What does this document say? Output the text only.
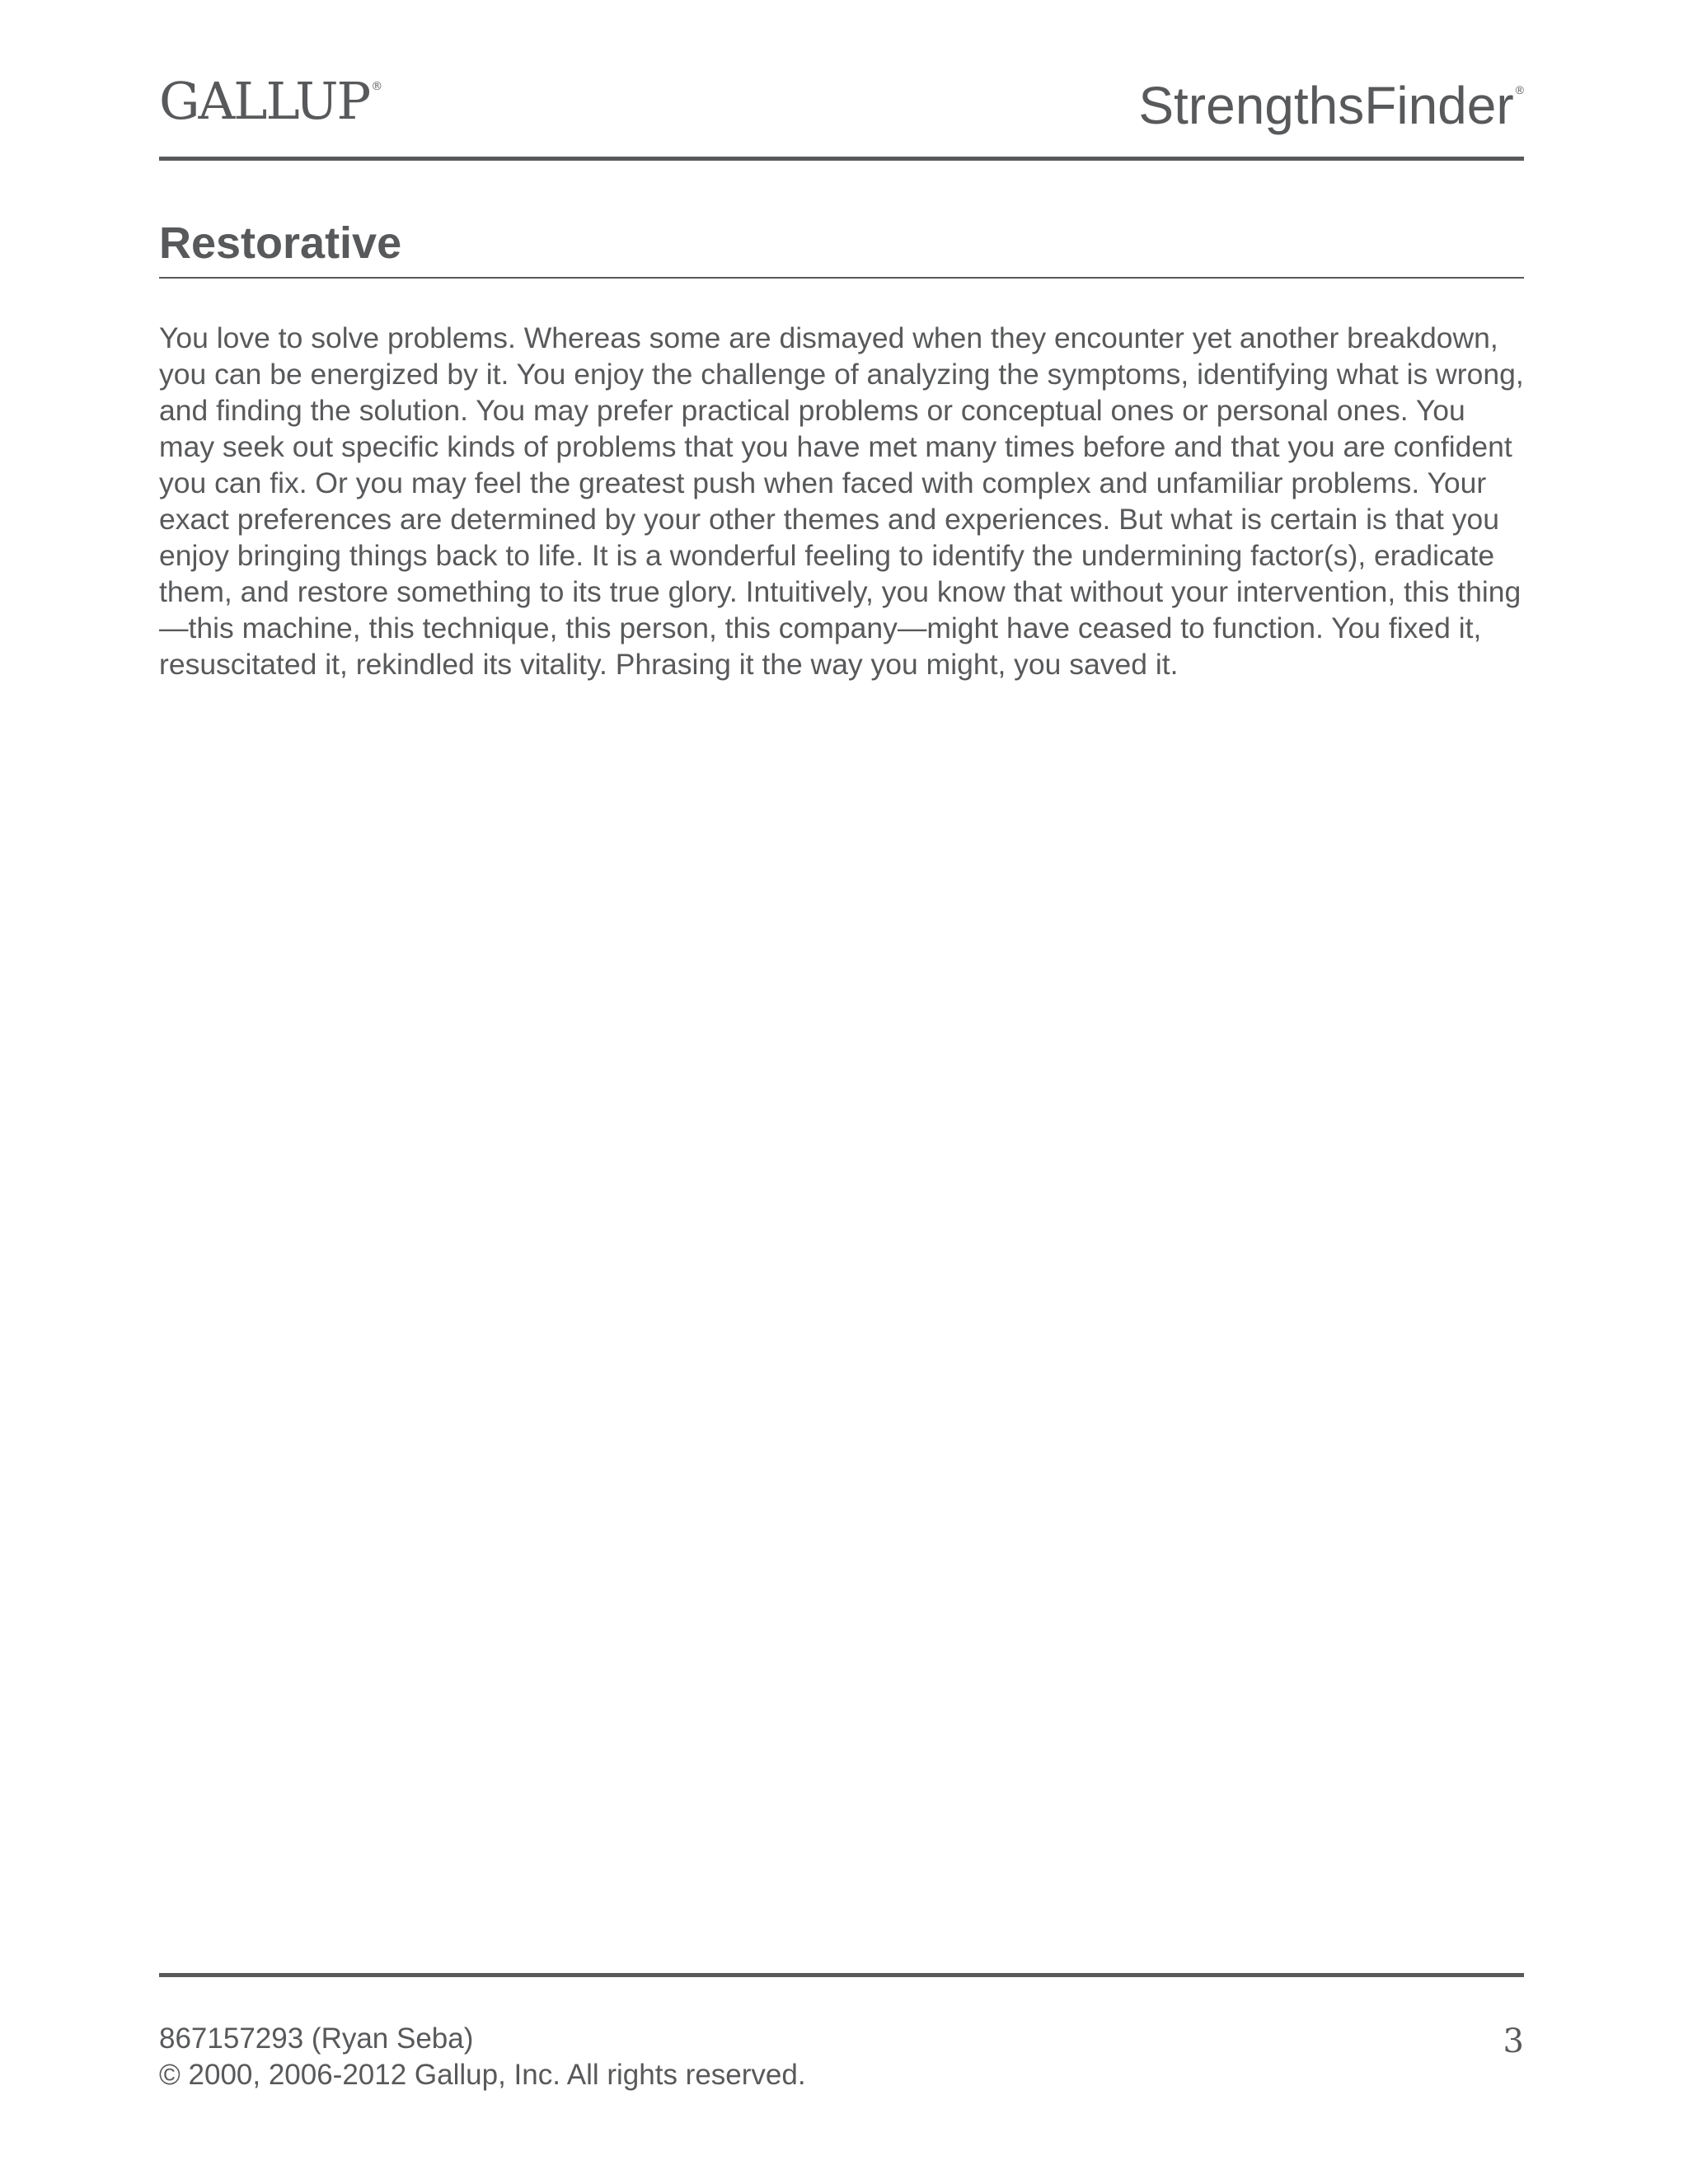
GALLUP ®	StrengthsFinder ®
Restorative

You love to solve problems. Whereas some are dismayed when they encounter yet another breakdown, you can be energized by it. You enjoy the challenge of analyzing the symptoms, identifying what is wrong, and finding the solution. You may prefer practical problems or conceptual ones or personal ones. You may seek out specific kinds of problems that you have met many times before and that you are confident you can fix. Or you may feel the greatest push when faced with complex and unfamiliar problems. Your exact preferences are determined by your other themes and experiences. But what is certain is that you enjoy bringing things back to life. It is a wonderful feeling to identify the undermining factor(s), eradicate them, and restore something to its true glory. Intuitively, you know that without your intervention, this thing—this machine, this technique, this person, this company—might have ceased to function. You fixed it, resuscitated it, rekindled its vitality. Phrasing it the way you might, you saved it.

867157293 (Ryan Seba)
© 2000, 2006-2012 Gallup, Inc. All rights reserved.
3
